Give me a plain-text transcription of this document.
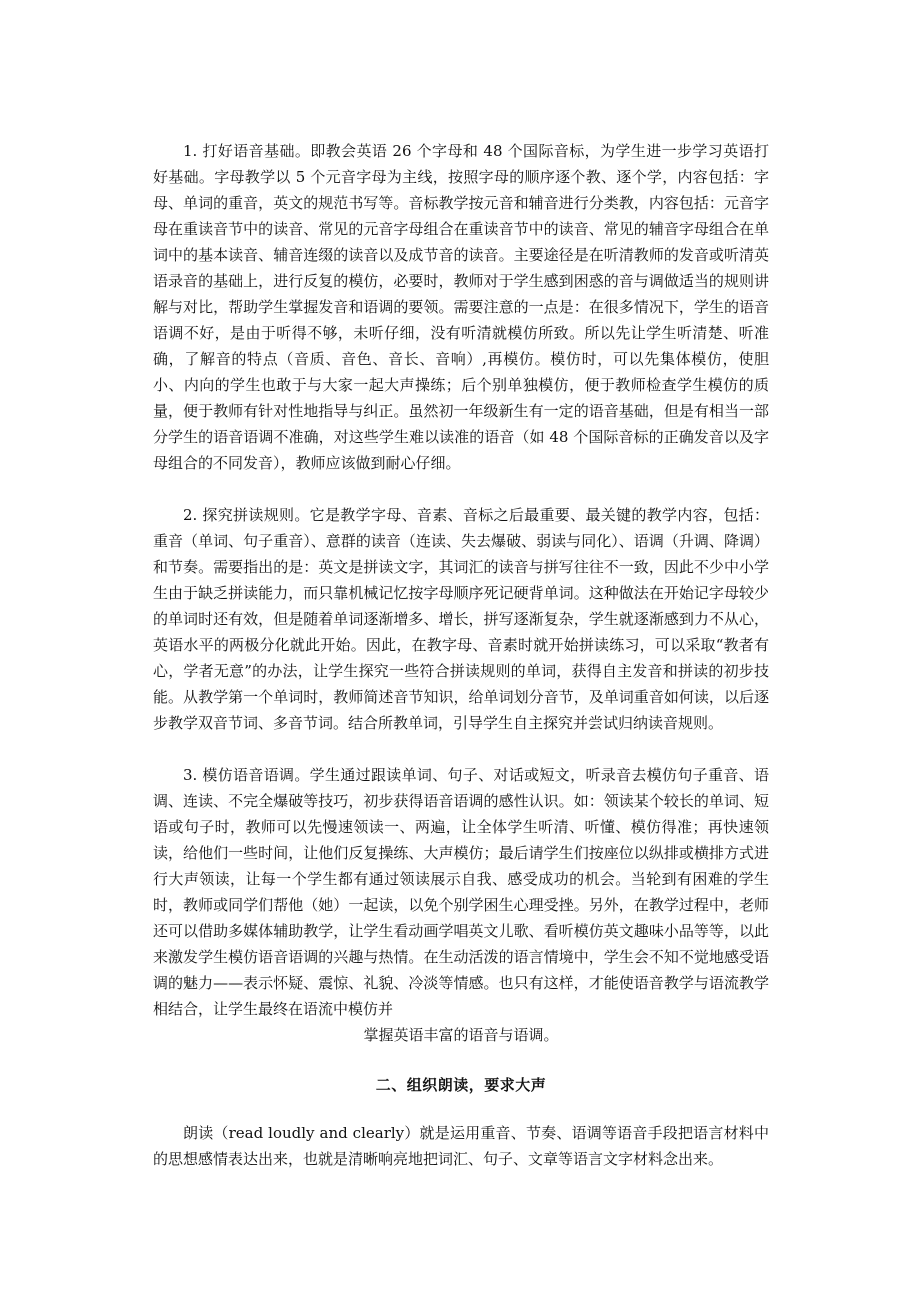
1. 打好语音基础。即教会英语 26 个字母和 48 个国际音标，为学生进一步学习英语打好基础。字母教学以 5 个元音字母为主线，按照字母的顺序逐个教、逐个学，内容包括：字母、单词的重音，英文的规范书写等。音标教学按元音和辅音进行分类教，内容包括：元音字母在重读音节中的读音、常见的元音字母组合在重读音节中的读音、常见的辅音字母组合在单词中的基本读音、辅音连缀的读音以及成节音的读音。主要途径是在听清教师的发音或听清英语录音的基础上，进行反复的模仿，必要时，教师对于学生感到困惑的音与调做适当的规则讲解与对比，帮助学生掌握发音和语调的要领。需要注意的一点是：在很多情况下，学生的语音语调不好，是由于听得不够，未听仔细，没有听清就模仿所致。所以先让学生听清楚、听准确，了解音的特点（音质、音色、音长、音响）,再模仿。模仿时，可以先集体模仿，使胆小、内向的学生也敢于与大家一起大声操练；后个别单独模仿，便于教师检查学生模仿的质量，便于教师有针对性地指导与纠正。虽然初一年级新生有一定的语音基础，但是有相当一部分学生的语音语调不准确，对这些学生难以读准的语音（如 48 个国际音标的正确发音以及字母组合的不同发音），教师应该做到耐心仔细。

2. 探究拼读规则。它是教学字母、音素、音标之后最重要、最关键的教学内容，包括：重音（单词、句子重音）、意群的读音（连读、失去爆破、弱读与同化）、语调（升调、降调）和节奏。需要指出的是：英文是拼读文字，其词汇的读音与拼写往往不一致，因此不少中小学生由于缺乏拼读能力，而只靠机械记忆按字母顺序死记硬背单词。这种做法在开始记字母较少的单词时还有效，但是随着单词逐渐增多、增长，拼写逐渐复杂，学生就逐渐感到力不从心，英语水平的两极分化就此开始。因此，在教字母、音素时就开始拼读练习，可以采取“教者有心，学者无意”的办法，让学生探究一些符合拼读规则的单词，获得自主发音和拼读的初步技能。从教学第一个单词时，教师简述音节知识，给单词划分音节，及单词重音如何读，以后逐步教学双音节词、多音节词。结合所教单词，引导学生自主探究并尝试归纳读音规则。

3. 模仿语音语调。学生通过跟读单词、句子、对话或短文，听录音去模仿句子重音、语调、连读、不完全爆破等技巧，初步获得语音语调的感性认识。如：领读某个较长的单词、短语或句子时，教师可以先慢速领读一、两遍，让全体学生听清、听懂、模仿得准；再快速领读，给他们一些时间，让他们反复操练、大声模仿；最后请学生们按座位以纵排或横排方式进行大声领读，让每一个学生都有通过领读展示自我、感受成功的机会。当轮到有困难的学生时，教师或同学们帮他（她）一起读，以免个别学困生心理受挫。另外，在教学过程中，老师还可以借助多媒体辅助教学，让学生看动画学唱英文儿歌、看听模仿英文趣味小品等等，以此来激发学生模仿语音语调的兴趣与热情。在生动活泼的语言情境中，学生会不知不觉地感受语调的魅力——表示怀疑、震惊、礼貌、冷淡等情感。也只有这样，才能使语音教学与语流教学相结合，让学生最终在语流中模仿并
掌握英语丰富的语音与语调。
二、组织朗读，要求大声

朗读（read loudly and clearly）就是运用重音、节奏、语调等语音手段把语言材料中的思想感情表达出来，也就是清晰响亮地把词汇、句子、文章等语言文字材料念出来。
